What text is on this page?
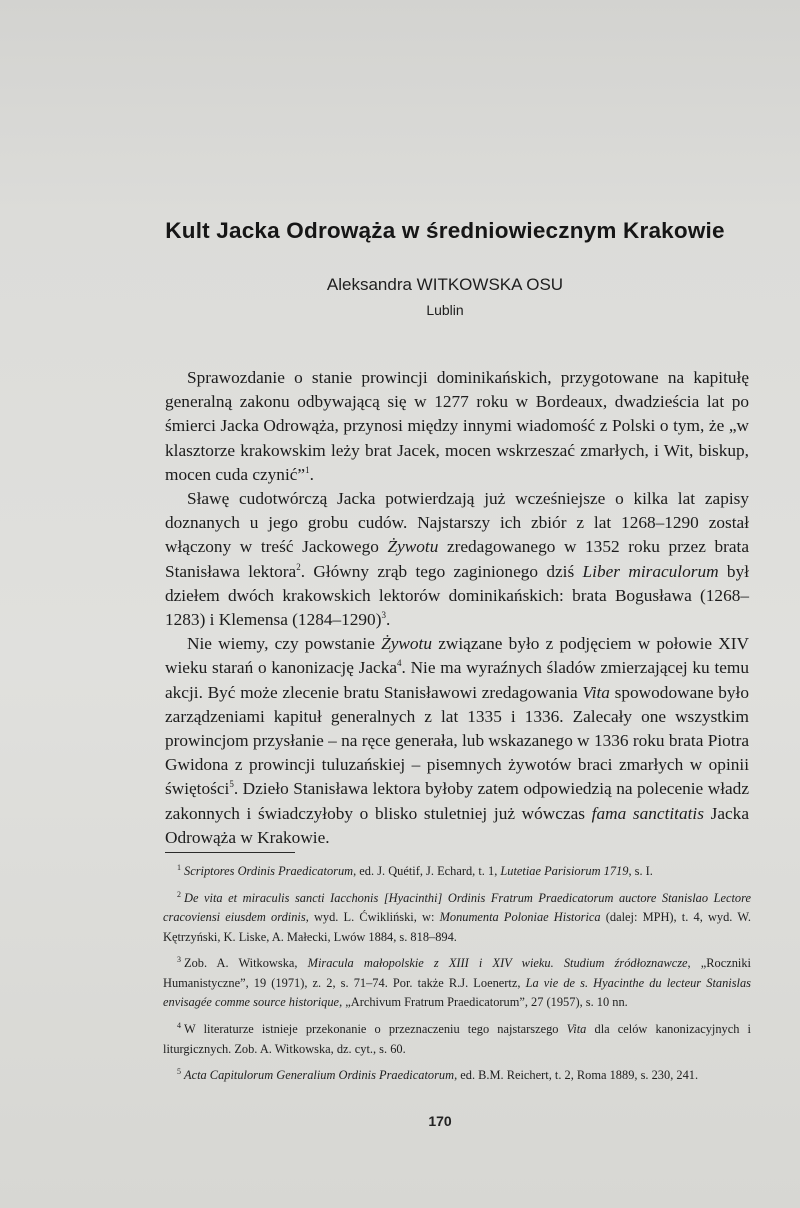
Kult Jacka Odrowąża w średniowiecznym Krakowie
Aleksandra WITKOWSKA OSU
Lublin

Sprawozdanie o stanie prowincji dominikańskich, przygotowane na kapitułę generalną zakonu odbywającą się w 1277 roku w Bordeaux, dwadzieścia lat po śmierci Jacka Odrowąża, przynosi między innymi wiadomość z Polski o tym, że „w klasztorze krakowskim leży brat Jacek, mocen wskrzeszać zmarłych, i Wit, biskup, mocen cuda czynić”$^1$.

Sławę cudotwórczą Jacka potwierdzają już wcześniejsze o kilka lat zapisy doznanych u jego grobu cudów. Najstarszy ich zbiór z lat 1268–1290 został włączony w treść Jackowego Żywotu zredagowanego w 1352 roku przez brata Stanisława lektora$^2$. Główny zrąb tego zaginionego dziś Liber miraculorum był dziełem dwóch krakowskich lektorów dominikańskich: brata Bogusława (1268–1283) i Klemensa (1284–1290)$^3$.

Nie wiemy, czy powstanie Żywotu związane było z podjęciem w połowie XIV wieku starań o kanonizację Jacka$^4$. Nie ma wyraźnych śladów zmierzającej ku temu akcji. Być może zlecenie bratu Stanisławowi zredagowania Vita spowodowane było zarządzeniami kapituł generalnych z lat 1335 i 1336. Zalecały one wszystkim prowincjom przysłanie – na ręce generała, lub wskazanego w 1336 roku brata Piotra Gwidona z prowincji tuluzańskiej – pisemnych żywotów braci zmarłych w opinii świętości$^5$. Dzieło Stanisława lektora byłoby zatem odpowiedzią na polecenie władz zakonnych i świadczyłoby o blisko stuletniej już wówczas fama sanctitatis Jacka Odrowąża w Krakowie.

$^1$ Scriptores Ordinis Praedicatorum, ed. J. Quétif, J. Echard, t. 1, Lutetiae Parisiorum 1719, s. I.

$^2$ De vita et miraculis sancti Iacchonis [Hyacinthi] Ordinis Fratrum Praedicatorum auctore Stanislao Lectore cracoviensi eiusdem ordinis, wyd. L. Ćwikliński, w: Monumenta Poloniae Historica (dalej: MPH), t. 4, wyd. W. Kętrzyński, K. Liske, A. Małecki, Lwów 1884, s. 818–894.

$^3$ Zob. A. Witkowska, Miracula małopolskie z XIII i XIV wieku. Studium źródłoznawcze, „Roczniki Humanistyczne”, 19 (1971), z. 2, s. 71–74. Por. także R.J. Loenertz, La vie de s. Hyacinthe du lecteur Stanislas envisagée comme source historique, „Archivum Fratrum Praedicatorum”, 27 (1957), s. 10 nn.

$^4$ W literaturze istnieje przekonanie o przeznaczeniu tego najstarszego Vita dla celów kanonizacyjnych i liturgicznych. Zob. A. Witkowska, dz. cyt., s. 60.

$^5$ Acta Capitulorum Generalium Ordinis Praedicatorum, ed. B.M. Reichert, t. 2, Roma 1889, s. 230, 241.

170
